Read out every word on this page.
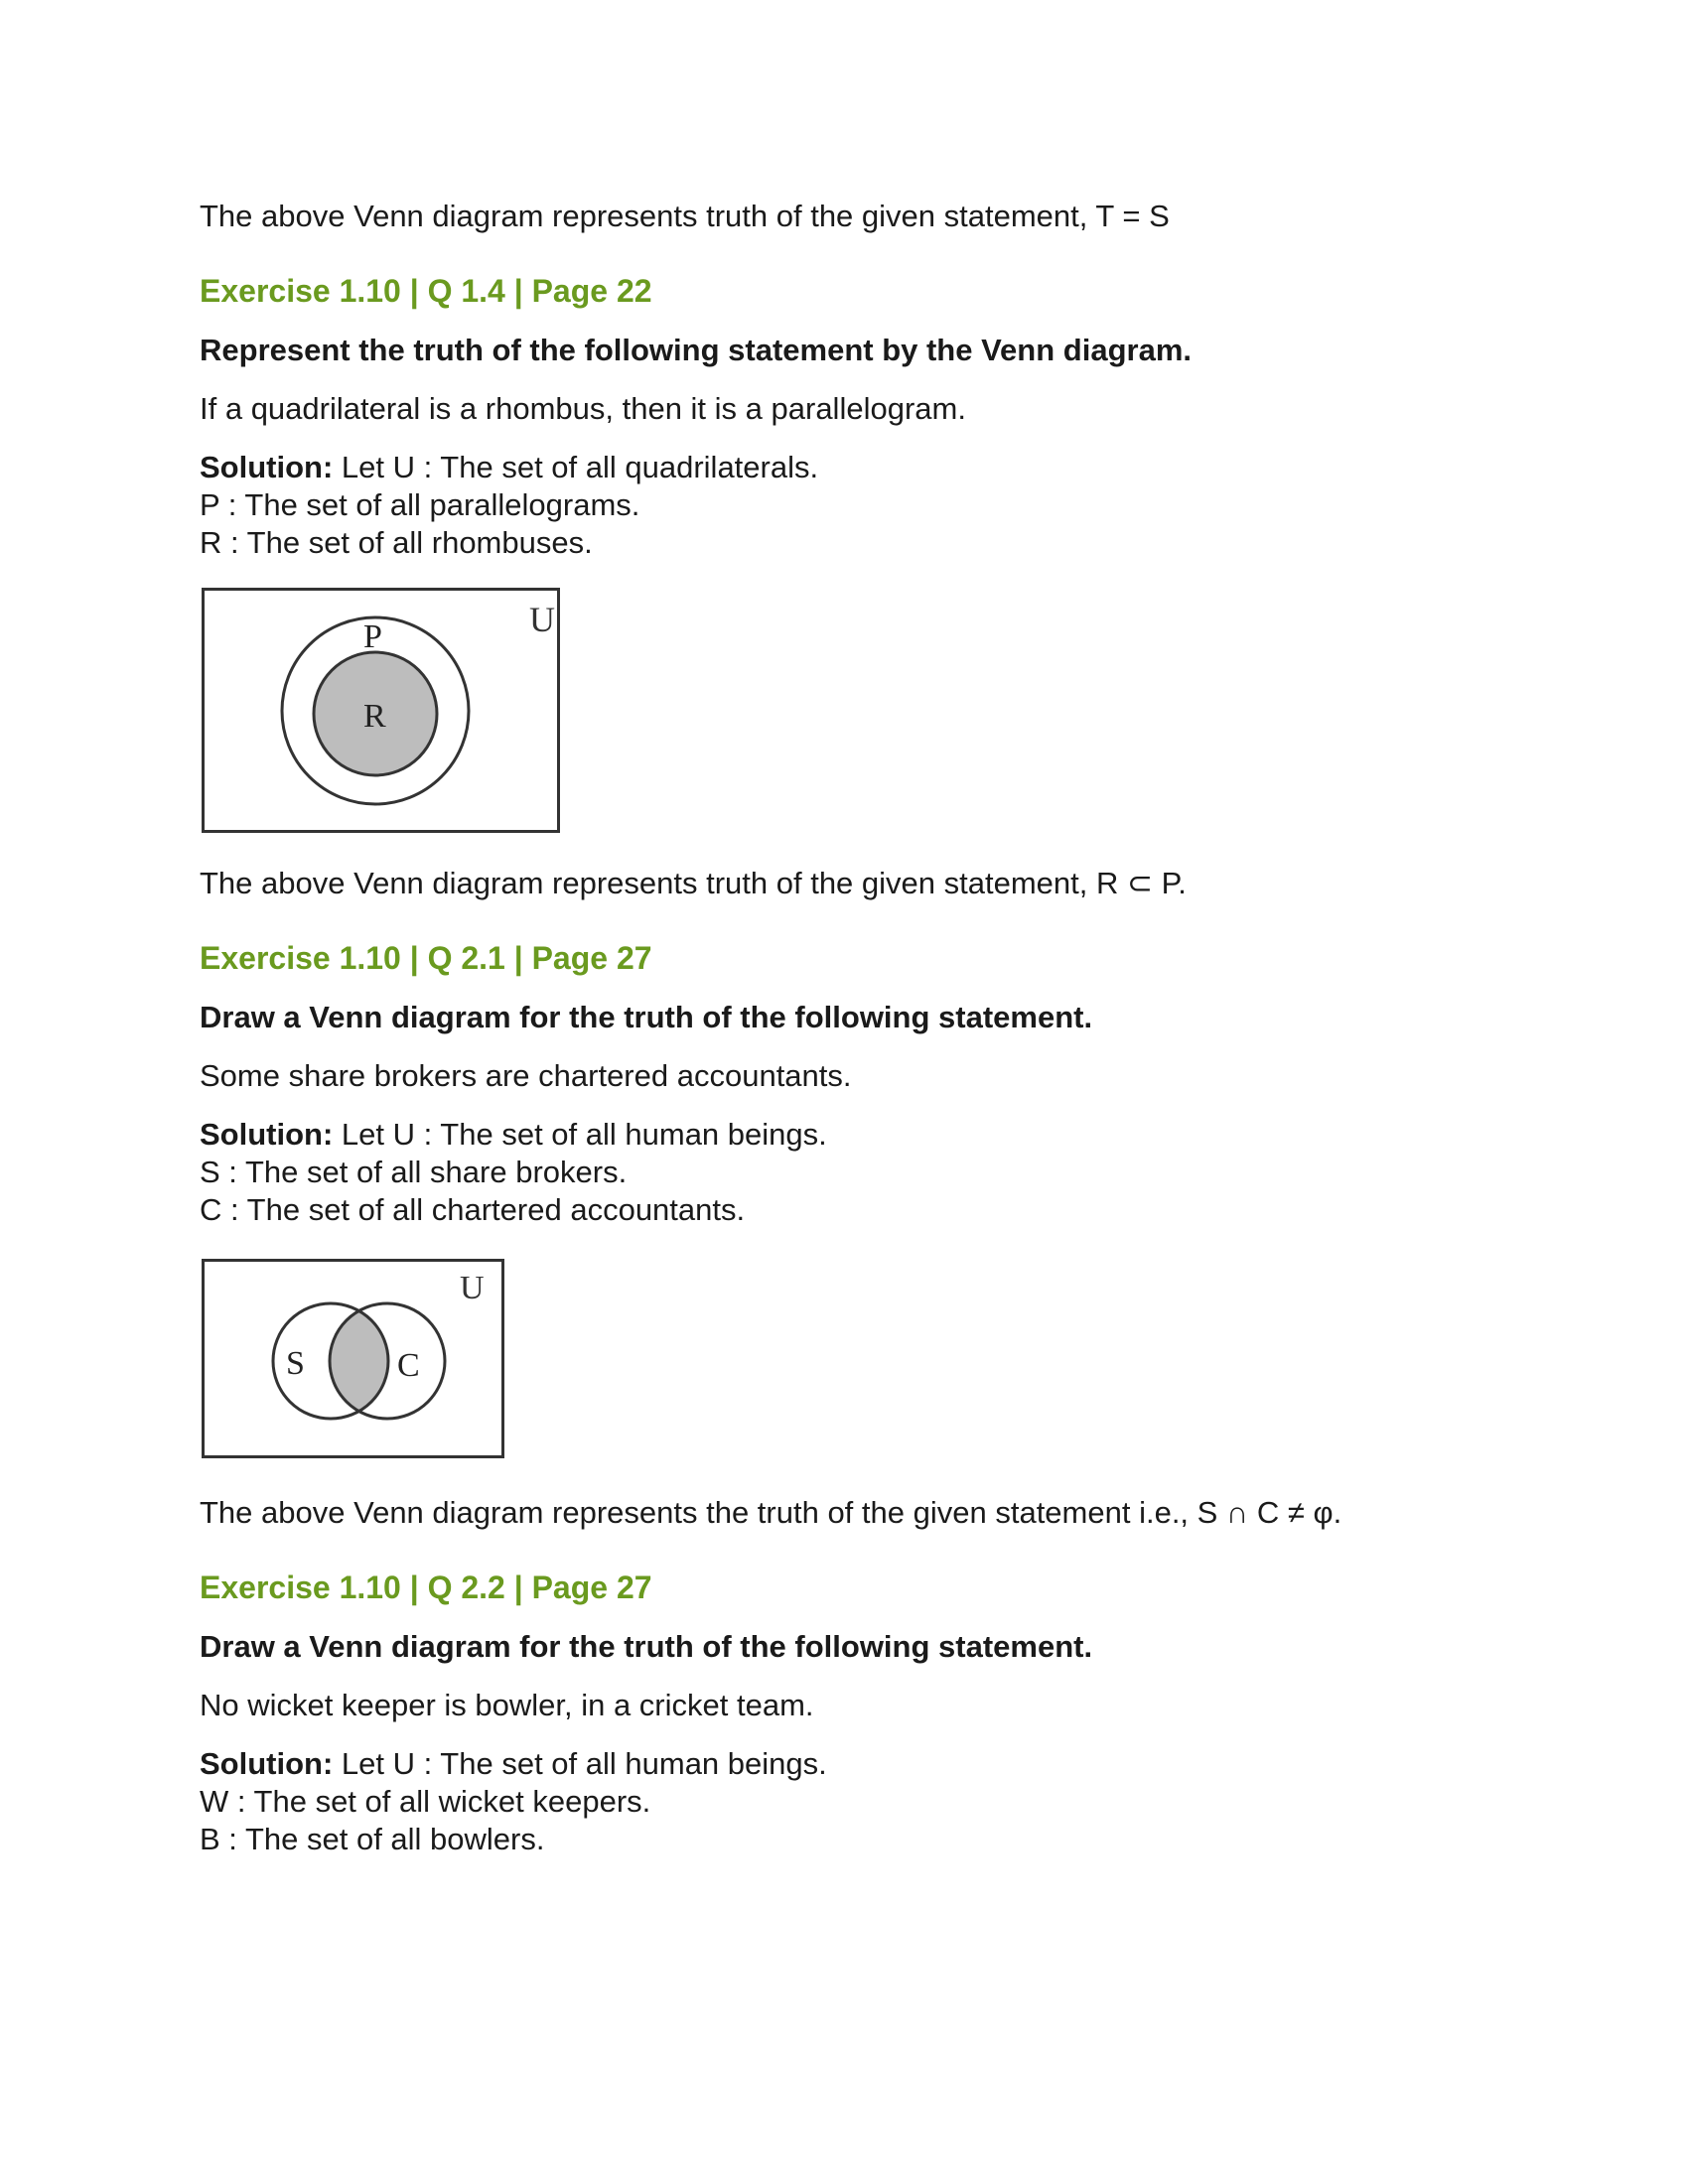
The above Venn diagram represents truth of the given statement, T = S

Exercise 1.10 | Q 1.4 | Page 22

Represent the truth of the following statement by the Venn diagram.

If a quadrilateral is a rhombus, then it is a parallelogram.

Solution: Let U : The set of all quadrilaterals.
P : The set of all parallelograms.
R : The set of all rhombuses.
U
P
R

The above Venn diagram represents truth of the given statement, R ⊂ P.

Exercise 1.10 | Q 2.1 | Page 27

Draw a Venn diagram for the truth of the following statement.

Some share brokers are chartered accountants.

Solution: Let U : The set of all human beings.
S : The set of all share brokers.
C : The set of all chartered accountants.
U
S	C

The above Venn diagram represents the truth of the given statement i.e., S ∩ C ≠ φ.

Exercise 1.10 | Q 2.2 | Page 27

Draw a Venn diagram for the truth of the following statement.

No wicket keeper is bowler, in a cricket team.

Solution: Let U : The set of all human beings.
W : The set of all wicket keepers.
B : The set of all bowlers.
